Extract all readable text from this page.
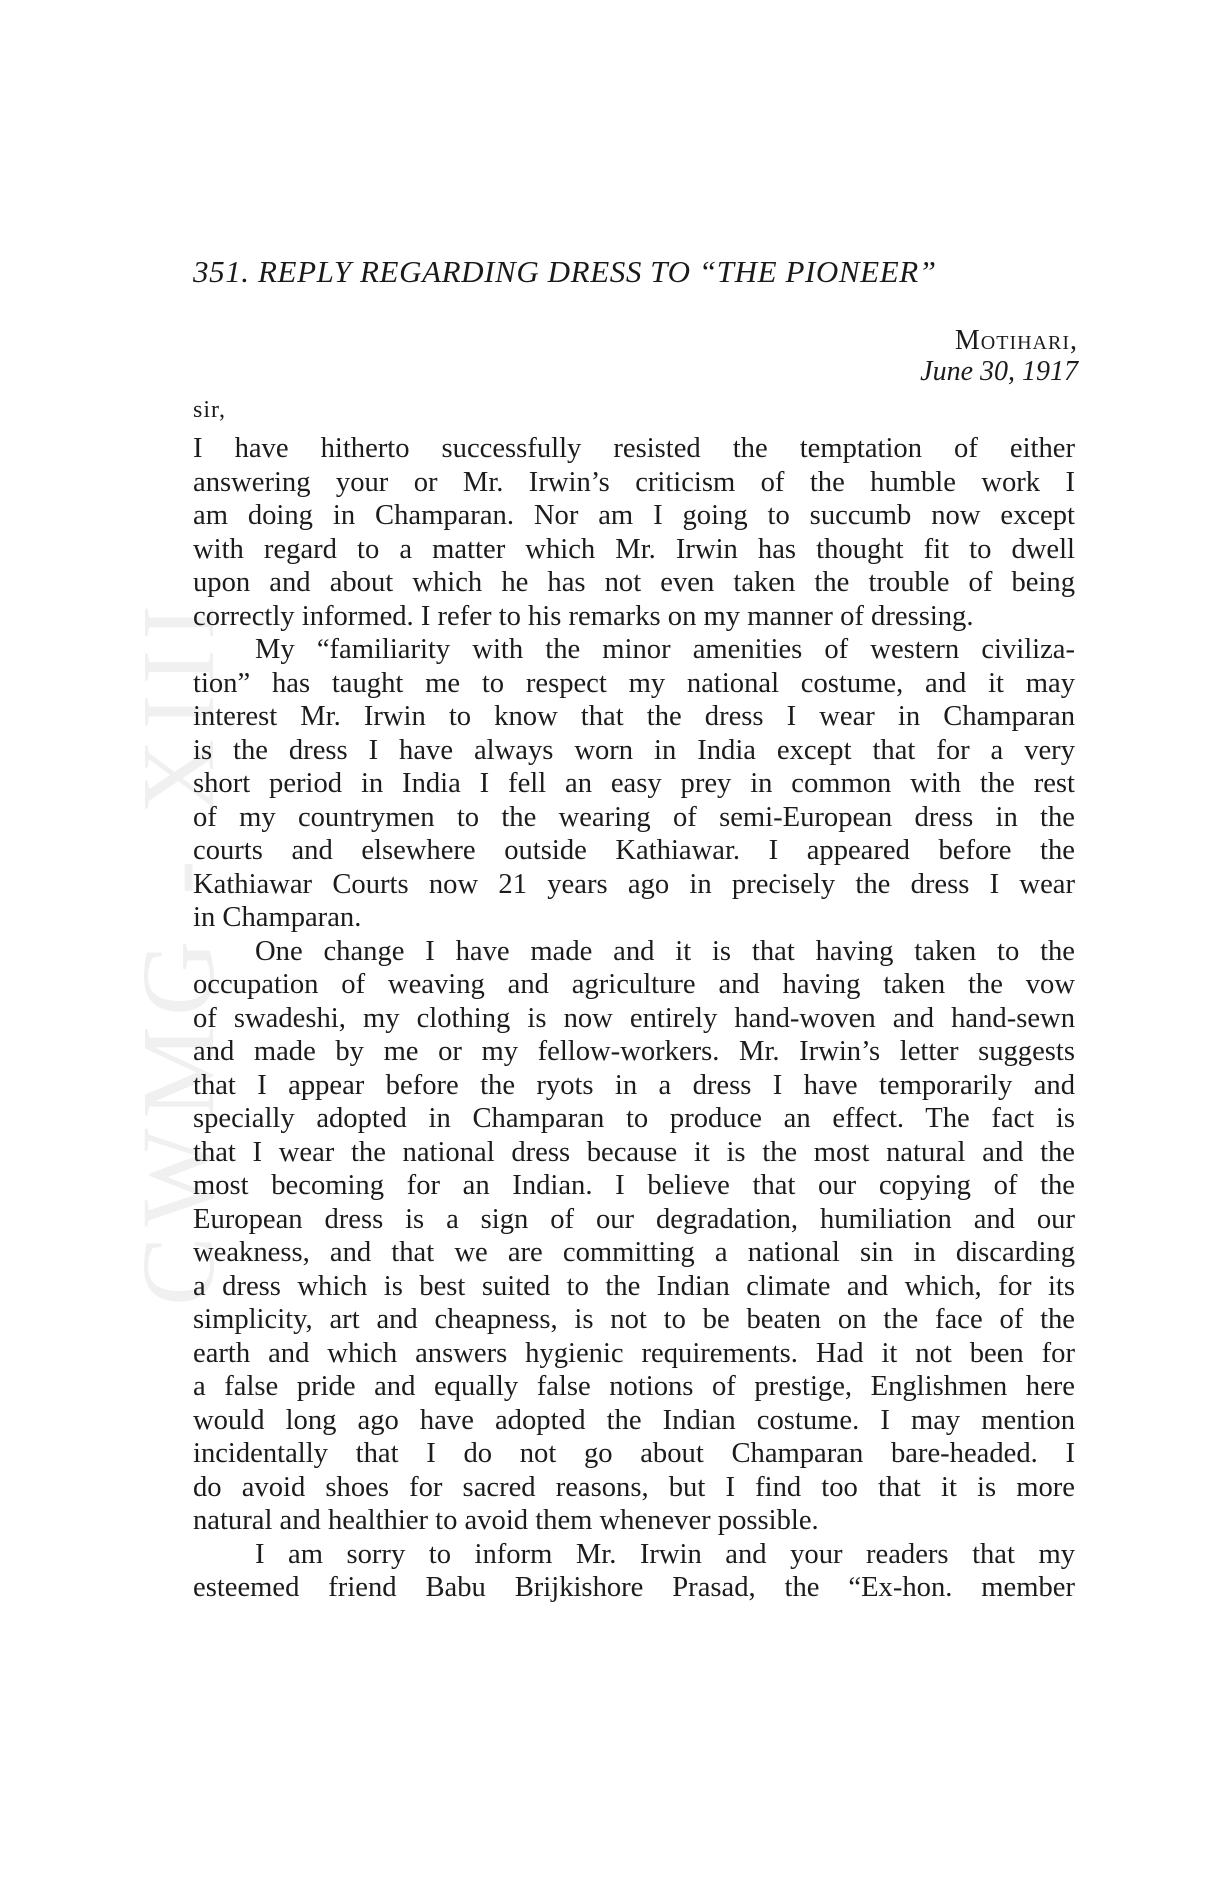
CWMG - XIII
351. REPLY REGARDING DRESS TO “THE PIONEER”
Motihari,
June 30, 1917
sir,
I have hitherto successfully resisted the temptation of either
answering your or Mr. Irwin’s criticism of the humble work I
am doing in Champaran. Nor am I going to succumb now except
with regard to a matter which Mr. Irwin has thought fit to dwell
upon and about which he has not even taken the trouble of being
correctly informed. I refer to his remarks on my manner of dressing.
My “familiarity with the minor amenities of western civiliza-
tion” has taught me to respect my national costume, and it may
interest Mr. Irwin to know that the dress I wear in Champaran
is the dress I have always worn in India except that for a very
short period in India I fell an easy prey in common with the rest
of my countrymen to the wearing of semi-European dress in the
courts and elsewhere outside Kathiawar. I appeared before the
Kathiawar Courts now 21 years ago in precisely the dress I wear
in Champaran.
One change I have made and it is that having taken to the
occupation of weaving and agriculture and having taken the vow
of swadeshi, my clothing is now entirely hand-woven and hand-sewn
and made by me or my fellow-workers. Mr. Irwin’s letter suggests
that I appear before the ryots in a dress I have temporarily and
specially adopted in Champaran to produce an effect. The fact is
that I wear the national dress because it is the most natural and the
most becoming for an Indian. I believe that our copying of the
European dress is a sign of our degradation, humiliation and our
weakness, and that we are committing a national sin in discarding
a dress which is best suited to the Indian climate and which, for its
simplicity, art and cheapness, is not to be beaten on the face of the
earth and which answers hygienic requirements. Had it not been for
a false pride and equally false notions of prestige, Englishmen here
would long ago have adopted the Indian costume. I may mention
incidentally that I do not go about Champaran bare-headed. I
do avoid shoes for sacred reasons, but I find too that it is more
natural and healthier to avoid them whenever possible.
I am sorry to inform Mr. Irwin and your readers that my
esteemed friend Babu Brijkishore Prasad, the “Ex-hon. member
